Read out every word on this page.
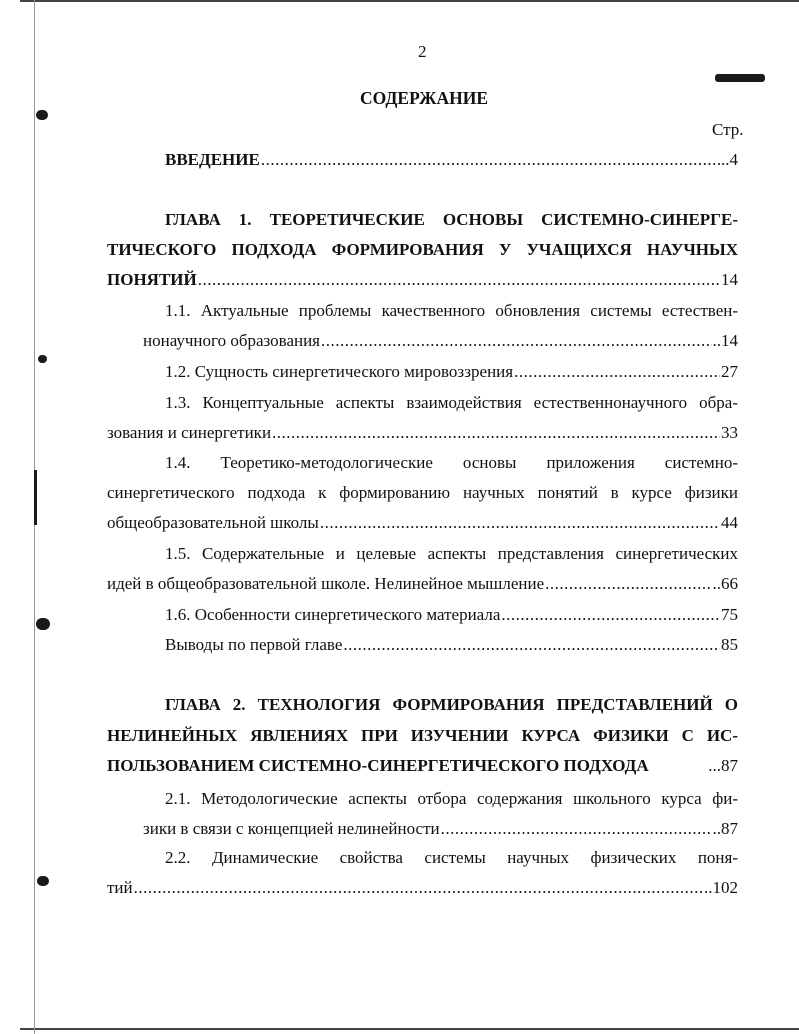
2
СОДЕРЖАНИЕ
Стр.
ВВЕДЕНИЕ .....	..4
ГЛАВА 1. ТЕОРЕТИЧЕСКИЕ ОСНОВЫ СИСТЕМНО-СИНЕРГЕ-
ТИЧЕСКОГО ПОДХОДА ФОРМИРОВАНИЯ У УЧАЩИХСЯ НАУЧНЫХ
ПОНЯТИЙ .....	14
1.1. Актуальные проблемы качественного обновления системы естествен-
нонаучного образования .....	..14
1.2. Сущность синергетического мировоззрения .....	27
1.3. Концептуальные аспекты взаимодействия естественнонаучного обра-
зования и синергетики .....	33
1.4. Теоретико-методологические основы приложения системно-
синергетического подхода к формированию научных понятий в курсе физики
общеобразовательной школы .....	44
1.5. Содержательные и целевые аспекты представления синергетических
идей в общеобразовательной школе. Нелинейное мышление .....	..66
1.6. Особенности синергетического материала .....	75
Выводы по первой главе .....	85
ГЛАВА 2. ТЕХНОЛОГИЯ ФОРМИРОВАНИЯ ПРЕДСТАВЛЕНИЙ О
НЕЛИНЕЙНЫХ ЯВЛЕНИЯХ ПРИ ИЗУЧЕНИИ КУРСА ФИЗИКИ С ИС-
ПОЛЬЗОВАНИЕМ СИСТЕМНО-СИНЕРГЕТИЧЕСКОГО ПОДХОДА	...87
2.1. Методологические аспекты отбора содержания школьного курса фи-
зики в связи с концепцией нелинейности .....	..87
2.2. Динамические свойства системы научных физических поня-
тий .....	..102
